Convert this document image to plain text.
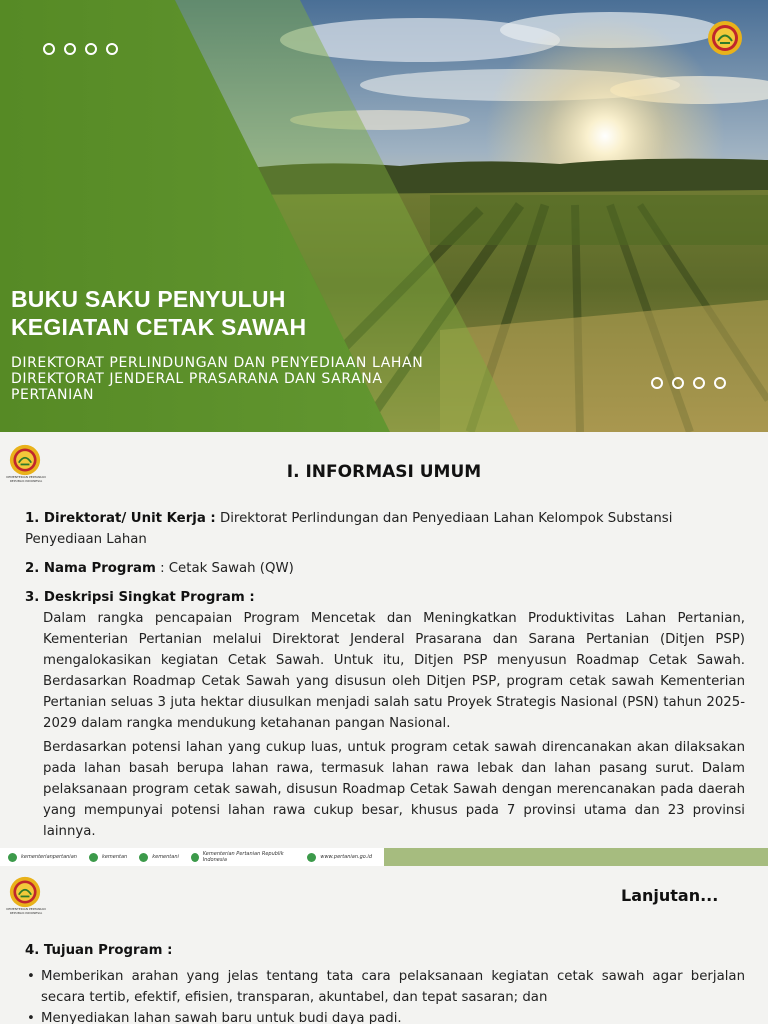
BUKU SAKU PENYULUH
KEGIATAN CETAK SAWAH
DIREKTORAT PERLINDUNGAN DAN PENYEDIAAN LAHAN
DIREKTORAT JENDERAL PRASARANA DAN SARANA
PERTANIAN
KEMENTERIAN PERTANIAN REPUBLIK INDONESIA	I. INFORMASI UMUM
1. Direktorat/ Unit Kerja : Direktorat Perlindungan dan Penyediaan Lahan Kelompok Substansi Penyediaan Lahan
2. Nama Program : Cetak Sawah (QW)
3. Deskripsi Singkat Program :

Dalam rangka pencapaian Program Mencetak dan Meningkatkan Produktivitas Lahan Pertanian, Kementerian Pertanian melalui Direktorat Jenderal Prasarana dan Sarana Pertanian (Ditjen PSP) mengalokasikan kegiatan Cetak Sawah. Untuk itu, Ditjen PSP menyusun Roadmap Cetak Sawah. Berdasarkan Roadmap Cetak Sawah yang disusun oleh Ditjen PSP, program cetak sawah Kementerian Pertanian seluas 3 juta hektar diusulkan menjadi salah satu Proyek Strategis Nasional (PSN) tahun 2025-2029 dalam rangka mendukung ketahanan pangan Nasional.

Berdasarkan potensi lahan yang cukup luas, untuk program cetak sawah direncanakan akan dilaksakan pada lahan basah berupa lahan rawa, termasuk lahan rawa lebak dan lahan pasang surut. Dalam pelaksanaan program cetak sawah, disusun Roadmap Cetak Sawah dengan merencanakan pada daerah yang mempunyai potensi lahan rawa cukup besar, khusus pada 7 provinsi utama dan 23 provinsi lainnya.

kementerianpertanian	kementan	kementani	Kementerian Pertanian Republik Indonesia	www.pertanian.go.id
KEMENTERIAN PERTANIAN REPUBLIK INDONESIA
Lanjutan...
4. Tujuan Program :
• Memberikan arahan yang jelas tentang tata cara pelaksanaan kegiatan cetak sawah agar berjalan secara tertib, efektif, efisien, transparan, akuntabel, dan tepat sasaran; dan
• Menyediakan lahan sawah baru untuk budi daya padi.
